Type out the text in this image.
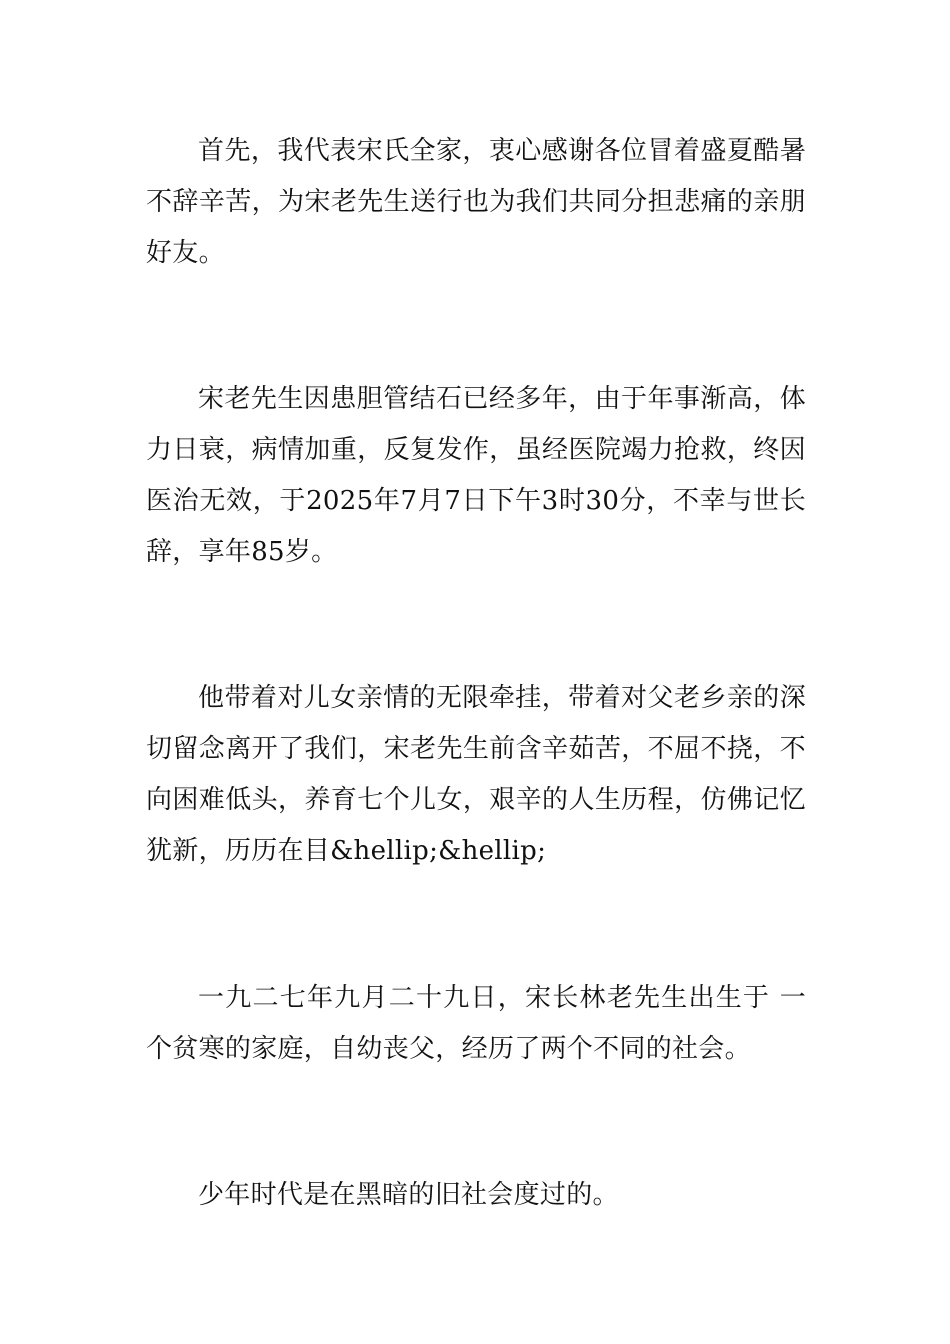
首先，我代表宋氏全家，衷心感谢各位冒着盛夏酷暑不辞辛苦，为宋老先生送行也为我们共同分担悲痛的亲朋好友。

宋老先生因患胆管结石已经多年，由于年事渐高，体力日衰，病情加重，反复发作，虽经医院竭力抢救，终因医治无效，于2025年7月7日下午3时30分，不幸与世长辞，享年85岁。

他带着对儿女亲情的无限牵挂，带着对父老乡亲的深切留念离开了我们，宋老先生前含辛茹苦，不屈不挠，不向困难低头，养育七个儿女，艰辛的人生历程，仿佛记忆犹新，历历在目&hellip;&hellip;

一九二七年九月二十九日，宋长林老先生出生于 一个贫寒的家庭，自幼丧父，经历了两个不同的社会。

少年时代是在黑暗的旧社会度过的。
